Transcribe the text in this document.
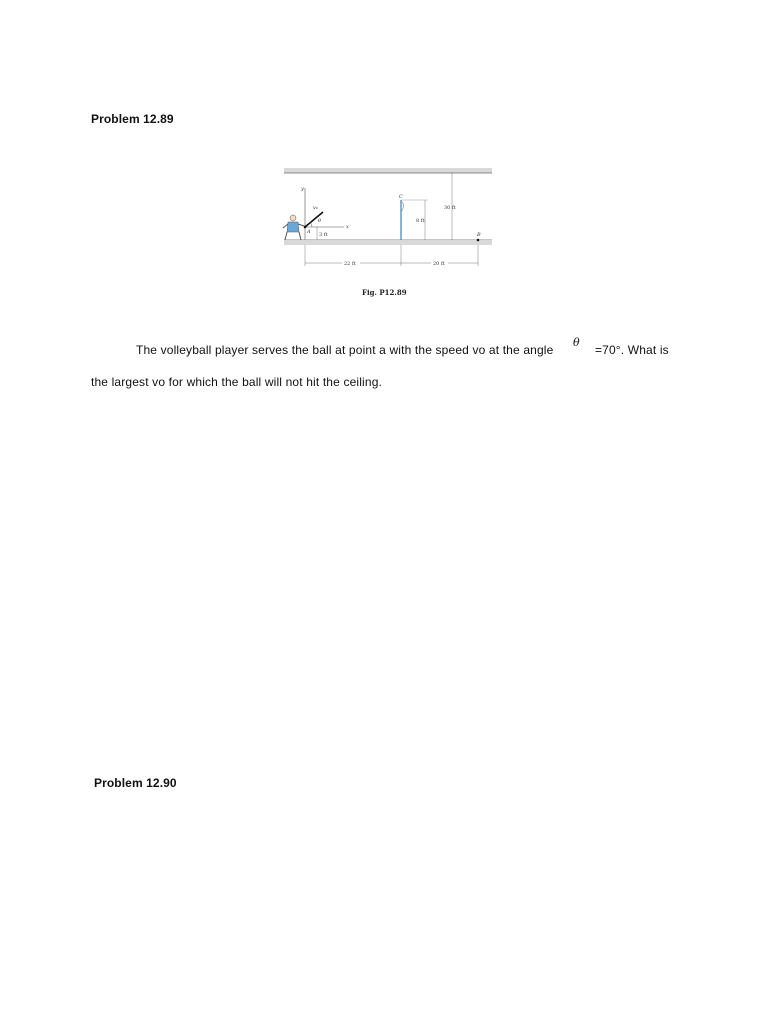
Problem 12.89
y
x
A
v₀
θ
3 ft
C
8 ft
30 ft
B
22 ft	20 ft
Fig. P12.89
The volleyball player serves the ball at point a with the speed vo at the angle
θ
=70°. What is
the largest vo for which the ball will not hit the ceiling.
Problem 12.90
